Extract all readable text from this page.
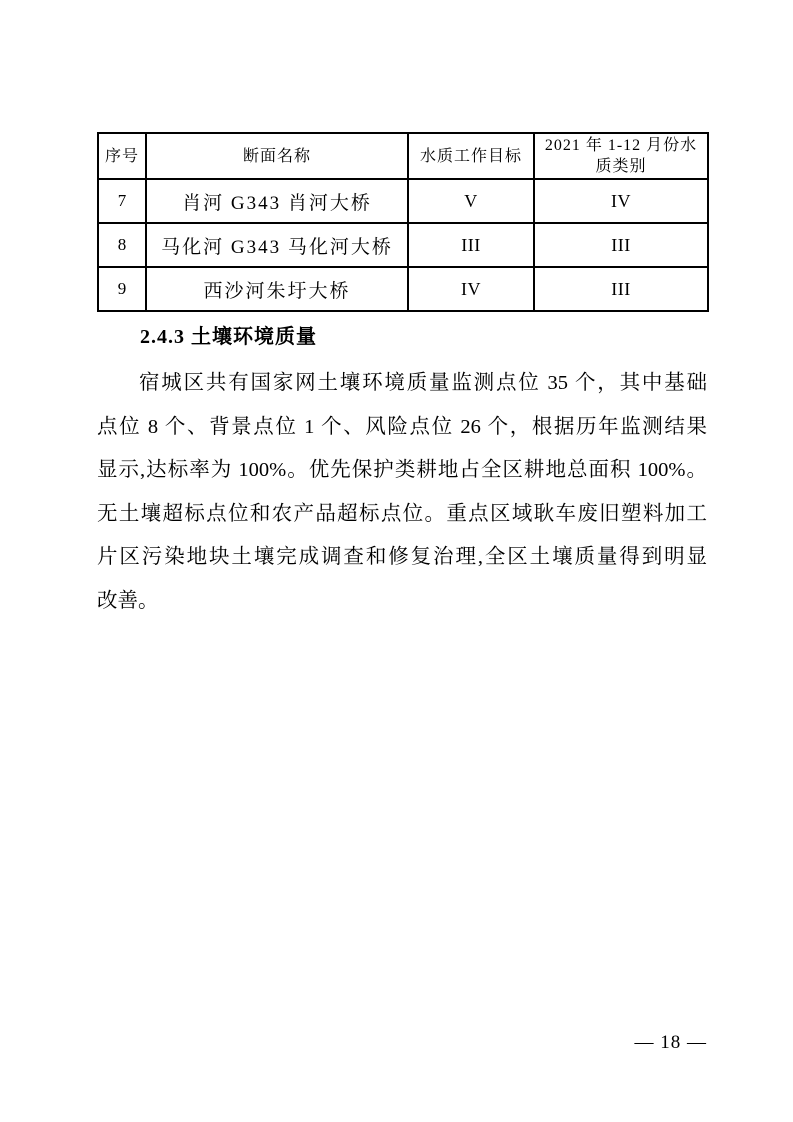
序号	断面名称	水质工作目标	2021 年 1-12 月份水质类别
7	肖河 G343 肖河大桥	V	IV
8	马化河 G343 马化河大桥	III	III
9	西沙河朱圩大桥	IV	III
2.4.3 土壤环境质量
宿城区共有国家网土壤环境质量监测点位 35 个，其中基础
点位 8 个、背景点位 1 个、风险点位 26 个，根据历年监测结果
显示,达标率为 100%。优先保护类耕地占全区耕地总面积 100%。
无土壤超标点位和农产品超标点位。重点区域耿车废旧塑料加工
片区污染地块土壤完成调查和修复治理,全区土壤质量得到明显
改善。
— 18 —
